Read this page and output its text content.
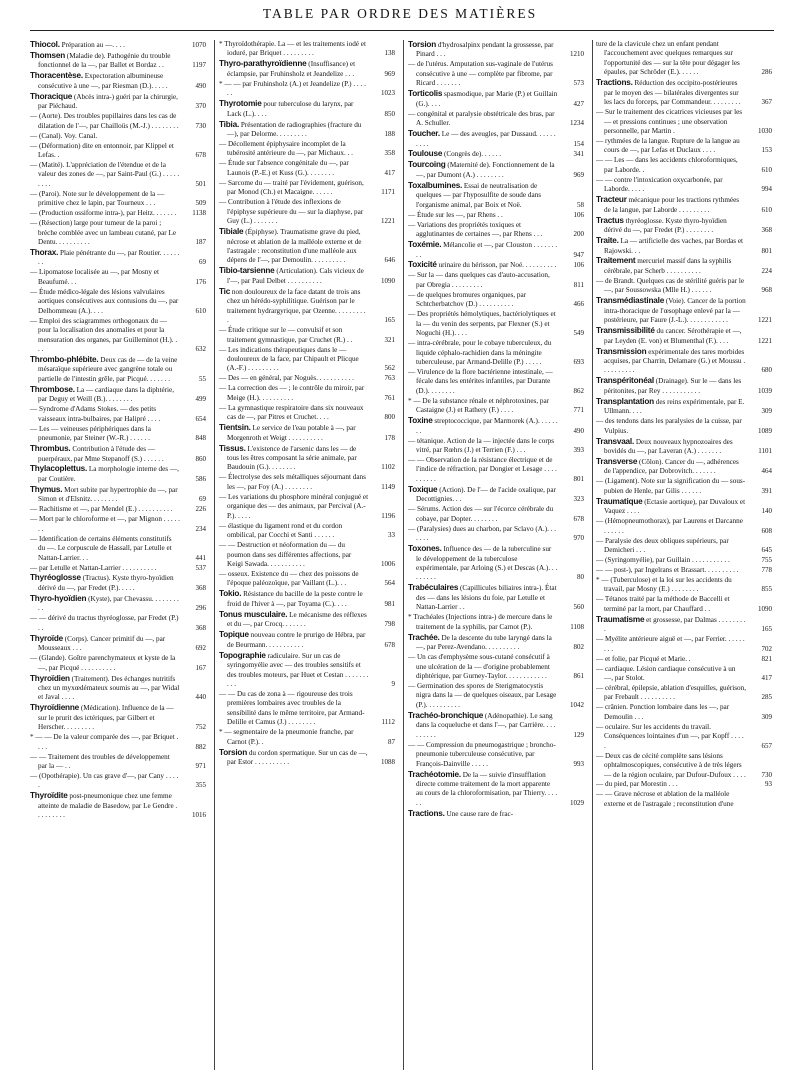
TABLE PAR ORDRE DES MATIÈRES
Thiocol. Préparation au —. . . .	1070
Thomsen (Maladie de). Pathogénie du trouble fonctionnel de la —, par Ballet et Bordaz . .	1197
Thoracentèse. Expectoration albumineuse consécutive à une —, par Riesman (D.). . . . .	490
Thoracique (Abcès intra-) guéri par la chirurgie, par Piéchaud.	370
— (Aorte). Des troubles pupillaires dans les cas de dilatation de l'—, par Chailloüs (M.-J.) . . . . . . . . 730
— (Canal). Voy. Canal.
— (Déformation) dite en entonnoir, par Klippel et Lefas. .	678
— (Matité). L'appréciation de l'étendue et de la valeur des zones de —, par Saint-Paul (G.) . . . . . . . . .	501
— (Paroi). Note sur le développement de la — primitive chez le lapin, par Tourneux . . .	509
— (Production ossiforme intra-), par Heitz. . . . . . . 1138
— (Résection) large pour tumeur de la paroi ; brèche comblée avec un lambeau cutané, par Le Dentu. . . . . . . . . .	187
Thorax. Plaie pénétrante du —, par Routier. . . . . . . .	69
— Lipomatose localisée au —, par Mosny et Beaufumé. . .	176
— Étude médico-légale des lésions valvulaires aortiques consécutives aux contusions du —, par Delhommeau (A.). . . .	610
— Emploi des sciagrammes orthogonaux du — pour la localisation des anomalies et pour la mensuration des organes, par Guilleminot (H.). . . .	632
Thrombo-phlébite. Deux cas de — de la veine mésaraïque supérieure avec gangrène totale ou partielle de l'intestin grêle, par Picqué. . . . . . .	55
Thrombose. La — cardiaque dans la diphtérie, par Deguy et Weill (B.). . . . . . . .	499
— Syndrome d'Adams Stokes. — des petits vaisseaux intra-bulbaires, par Halipré . . . .	654
— Les — veineuses périphériques dans la pneumonie, par Steiner (W.-R.) . . . . . .	848
Thrombus. Contribution à l'étude des — puerpéraux, par Mme Stepanoff (S.) . . . . . .	860
Thylacoplettus. La morphologie interne des —, par Coutière.	586
Thymus. Mort subite par hypertrophie du —, par Simon et d'Elsnitz. . . . . . . .	69
— Rachitisme et —, par Mendel (E.) . . . . . . . . . .	226
— Mort par le chloroforme et —, par Mignon . . . . . . .	234
— Identification de certains éléments constitutifs du —. Le corpuscule de Hassall, par Letulle et Nattan-Larrier. . .	441
— par Letulle et Nattan-Larrier . . . . . . . . . .	537
Thyréoglosse (Tractus). Kyste thyro-hyoïdien dérivé du —, par Fredet (P.). . . . .	368
Thyro-hyoïdien (Kyste), par Chevassu. . . . . . . . . .	296
— — dérivé du tractus thyréoglosse, par Fredet (P.) . .	368
Thyroïde (Corps). Cancer primitif du —, par Mousseaux . . .	692
— (Glande). Goître parenchymateux et kyste de la —, par Picqué . . . . . . . . . .	167
Thyroïdien (Traitement). Des échanges nutritifs chez un myxœdémateux soumis au —, par Widal et Javal . . . .	440
Thyroïdienne (Médication). Influence de la — sur le prurit des ictériques, par Gilbert et Herscher. . . . . . . . .	752
* — — De la valeur comparée des —, par Briquet . . . .	882
— — Traitement des troubles de développement par la — . .	971
— (Opothérapie). Un cas grave d'—, par Cany . . . . .	355
Thyroïdite post-pneumonique chez une femme atteinte de maladie de Basedow, par Le Gendre . . . . . . . . .	1016
* Thyroïdothérapie. La — et les traitements iodé et ioduré, par Briquet . . . . . . . . .	138
Thyro-parathyroïdienne (Insuffisance) et éclampsie, par Fruhinsholz et Jeandelize . . .	969
* — — par Fruhinsholz (A.) et Jeandelize (P.) . . . . . .	1023
Thyrotomie pour tuberculose du larynx, par Lack (L.). . . .	850
Tibia. Présentation de radiographies (fracture du —), par Delorme. . . . . . . . .	188
— Décollement épiphysaire incomplet de la tubérosité antérieure du —, par Michaux. . .	358
— Étude sur l'absence congénitale du —, par Launois (P.-E.) et Kuss (G.). . . . . . . .	417
— Sarcome du — traité par l'évidement, guérison, par Monod (Ch.) et Macaigne. . . . . .	1171
— Contribution à l'étude des inflexions de l'épiphyse supérieure du — sur la diaphyse, par Guy (L.) . . . . . . .	1221
Tibiale (Épiphyse). Traumatisme grave du pied, nécrose et ablation de la malléole externe et de l'astragale : reconstitution d'une malléole aux dépens de l'—, par Demoulin. . . . . . . . . .	646
Tibio-tarsienne (Articulation). Cals vicieux de l'—, par Paul Delbet . . . . . . . . . .	1090
Tic non douloureux de la face datant de trois ans chez un hérédo-syphilitique. Guérison par le traitement hydrargyrique, par Ozenne. . . . . . . . . .	165
— Étude critique sur le — convulsif et son traitement gymnastique, par Cruchet (R.) . .	321
— Les indications thérapeutiques dans le — douloureux de la face, par Chipault et Plicque (A.-F.) . . . . . . . . .	562
— Des — en général, par Noguès. . . . . . . . . . .	763
— La correction des — ; le contrôle du miroir, par Meige (H.). . . . . . . . . .	761
— La gymnastique respiratoire dans six nouveaux cas de —, par Pitres et Cruchet. . . .	800
Tientsin. Le service de l'eau potable à —, par Morgenroth et Weigt . . . . . . . . . .	178
Tissus. L'existence de l'arsenic dans les — de tous les êtres composant la série animale, par Baudouin (G.). . . . . . . .	1102
— Électrolyse des sels métalliques séjournant dans les —, par Foy (A.) . . . . . . . .	1149
— Les variations du phosphore minéral conjugué et organique des — des animaux, par Percival (A.-P.). . . . .	1196
— élastique du ligament rond et du cordon ombilical, par Cocchi et Santi . . . . . .	33
— — Destruction et néoformation du — du poumon dans ses différentes affections, par Keigi Sawada. . . . . . . . . . .	1006
— osseux. Existence du — chez des poissons de l'époque paléozoïque, par Vaillant (L.). . .	564
Tokio. Résistance du bacille de la peste contre le froid de l'hiver à —, par Toyama (C.). . . .	981
Tonus musculaire. Le mécanisme des réflexes et du —, par Crocq. . . . . . .	798
Topique nouveau contre le prurigo de Hébra, par de Beurmann. . . . . . . . . . .	678
Topographie radiculaire. Sur un cas de syringomyélie avec — des troubles sensitifs et des troubles moteurs, par Huet et Cestan . . . . . . . . . .	9
— — Du cas de zona à — rigoureuse des trois premières lombaires avec troubles de la sensibilité dans le même territoire, par Armand-Delille et Camus (J.) . . . . . . . .	1112
* — segmentaire de la pneumonie franche, par Carnot (P.). .	87
Torsion du cordon spermatique. Sur un cas de —, par Estor . . . . . . . . . .	1088
Torsion d'hydrosalpinx pendant la grossesse, par Pinard . . .	1210
— de l'utérus. Amputation sus-vaginale de l'utérus consécutive à une — complète par fibrome, par Ricard . . . . . . .	573
Torticolis spasmodique, par Marie (P.) et Guillain (G.). . . .	427
— congénital et paralysie obstétricale des bras, par A. Schuller.	1234
Toucher. Le — des aveugles, par Dussaud. . . . . . . . . .	154
Toulouse (Congrès de). . . . . .	341
Tourcoing (Maternité de). Fonctionnement de la —, par Dumont (A.) . . . . . . . .	969
Toxalbumines. Essai de neutralisation de quelques — par l'hyposulfite de soude dans l'organisme animal, par Boix et Noë.	58
— Étude sur les —, par Rhens . .	106
— Variations des propriétés toxiques et agglutinantes de certaines —, par Rhens . . .	200
Toxémie. Mélancolie et —, par Clouston . . . . . . . . .	947
Toxicité urinaire du hérisson, par Noé. . . . . . . . . . 106
— Sur la — dans quelques cas d'auto-accusation, par Obregia . . . . . . . . .	811
— de quelques bromures organiques, par Schtcherbatchov (D.) . . . . . . . . . .	466
— Des propriétés hémolytiques, bactériolytiques et la — du venin des serpents, par Flexner (S.) et Noguchi (H.). . . .	549
— intra-cérébrale, pour le cobaye tuberculeux, du liquide céphalo-rachidien dans la méningite tuberculeuse, par Armand-Delille (P.) . . . . .	693
— Virulence de la flore bactérienne intestinale, — fécale dans les entérites infantiles, par Durante (D.). . . . . . . .	862
* — De la substance rénale et néphrotoxines, par Castaigne (J.) et Rathery (F.) . . . .	771
Toxine streptococcique, par Marmorek (A.). . . . . . . .	490
— tétanique. Action de la — injectée dans le corps vitré, par Rœhrs (J.) et Terrien (F.) . . .	393
— — Observation de la résistance électrique et de l'indice de réfraction, par Dongier et Lesage . . . . . . . . . .	801
Toxique (Action). De l'— de l'acide oxalique, par Decottignies. . .	323
— Sérums. Action des — sur l'écorce cérébrale du cobaye, par Dopter. . . . . . . .	678
— (Paralysies) dues au charbon, par Sclavo (A.). . . . . . .	970
Toxones. Influence des — de la tuberculine sur le développement de la tuberculose expérimentale, par Arloing (S.) et Descas (A.). . . . . . . . .	80
Trabéculaires (Capillicules biliaires intra-). État des — dans les lésions du foie, par Letulle et Nattan-Larrier . .	560
* Trachéales (Injections intra-) de mercure dans le traitement de la syphilis, par Carnot (P.).	1108
Trachée. De la descente du tube laryngé dans la —, par Perez-Avendano. . . . . . . . . .	802
— Un cas d'emphysème sous-cutané consécutif à une ulcération de la — d'origine probablement diphtérique, par Gurney-Taylor. . . . . . . . . . . .	861
— Germination des spores de Sterigmatocystis nigra dans la — de quelques oiseaux, par Lesage (P.). . . . . . . . . .	1042
Trachéo-bronchique (Adénopathie). Le sang dans la coqueluche et dans l'—, par Carrière. . . . . . . . . .	129
— — Compression du pneumogastrique ; broncho-pneumonie tuberculeuse consécutive, par François-Dainville . . . . .	993
Trachéotomie. De la — suivie d'insufflation directe comme traitement de la mort apparente au cours de la chloroformisation, par Thierry. . . . . .	1029
Tractions. Une cause rare de frac-
ture de la clavicule chez un enfant pendant l'accouchement avec quelques remarques sur l'opportunité des — sur la tête pour dégager les épaules, par Schröder (E.). . . . . .	286
Tractions. Réduction des occipito-postérieures par le moyen des — bilatérales divergentes sur les lacs du forceps, par Commandeur. . . . . . . . .	367
— Sur le traitement des cicatrices vicieuses par les — et pressions continues ; une observation personnelle, par Martin .	1030
— rythmées de la langue. Rupture de la langue au cours de —, par Lefas et Duclaux . . . .	153
— — Les — dans les accidents chloroformiques, par Laborde. .	610
— — contre l'intoxication oxycarbonée, par Laborde. . . . .	994
Tracteur mécanique pour les tractions rythmées de la langue, par Laborde . . . . . . . . .	610
Tractus thyréoglosse. Kyste thyro-hyoïdien dérivé du —, par Fredet (P.) . . . . . . . .	368
Traite. La — artificielle des vaches, par Bordas et Rajowski. . .	801
Traitement mercuriel massif dans la syphilis cérébrale, par Scherb . . . . . . . . . .	224
— de Brandt. Quelques cas de stérilité guéris par le —, par Soussowska (Mlle H.) . . . . . .	968
Transmédiastinale (Voie). Cancer de la portion intra-thoracique de l'œsophage enlevé par la — postérieure, par Faure (J.-L.). . . . . . . . . . . .	1221
Transmissibilité du cancer. Sérothérapie et —, par Leyden (E. von) et Blumenthal (F.). . . .	1221
Transmission expérimentale des tares morbides acquises, par Charrin, Delamare (G.) et Moussu . . . . . . . . . .	680
Transpéritonéal (Drainage). Sur le — dans les péritonites, par Rey . . . . . . . . . . .	1039
Transplantation des reins expérimentale, par E. Ullmann. . . .	309
— des tendons dans les paralysies de la cuisse, par Vulpius.	1089
Transvaal. Deux nouveaux hypnozoaires des bovidés du —, par Laveran (A.) . . . . . . .	1101
Transverse (Côlon). Cancer du —, adhérences de l'appendice, par Dobrovitch. . . . . . .	464
— (Ligament). Note sur la signification du — sous-pubien de Henle, par Gilis . . . . . .	391
Traumatique (Ectasie aortique), par Duvaloux et Vaquez . . . .	140
— (Hémopneumothorax), par Laurens et Darcanne . . . . . .	608
— Paralysie des deux obliques supérieurs, par Demicheri . . .	645
— (Syringomyélie), par Guillain . . . . . . . . . . .	755
— — post-), par Ingelrans et Brassart. . . . . . . . . .	778
* — (Tuberculose) et la loi sur les accidents du travail, par Mosny (E.) . . . . . . . .	855
— Tétanos traité par la méthode de Baccelli et terminé par la mort, par Chauffard . .	1090
Traumatisme et grossesse, par Dalmas . . . . . . . . .	165
— Myélite antérieure aiguë et —, par Ferrier. . . . . . . . .	702
— et folie, par Picqué et Marie. .	821
— cardiaque. Lésion cardiaque consécutive à un —, par Stolot.	417
— cérébral, épilepsie, ablation d'esquilles, guérison, par Frebault . . . . . . . . . .	285
— crânien. Ponction lombaire dans les —, par Demoulin . . .	309
— oculaire. Sur les accidents du travail. Conséquences lointaines d'un —, par Kopff . . . . .	657
— Deux cas de cécité complète sans lésions ophtalmoscopiques, consécutive à de très légers — de la région oculaire, par Dufour-Dufoux . . . . 730
— du pied, par Morestin . . .	93
— — Grave nécrose et ablation de la malléole externe et de l'astragale ; reconstitution d'une
